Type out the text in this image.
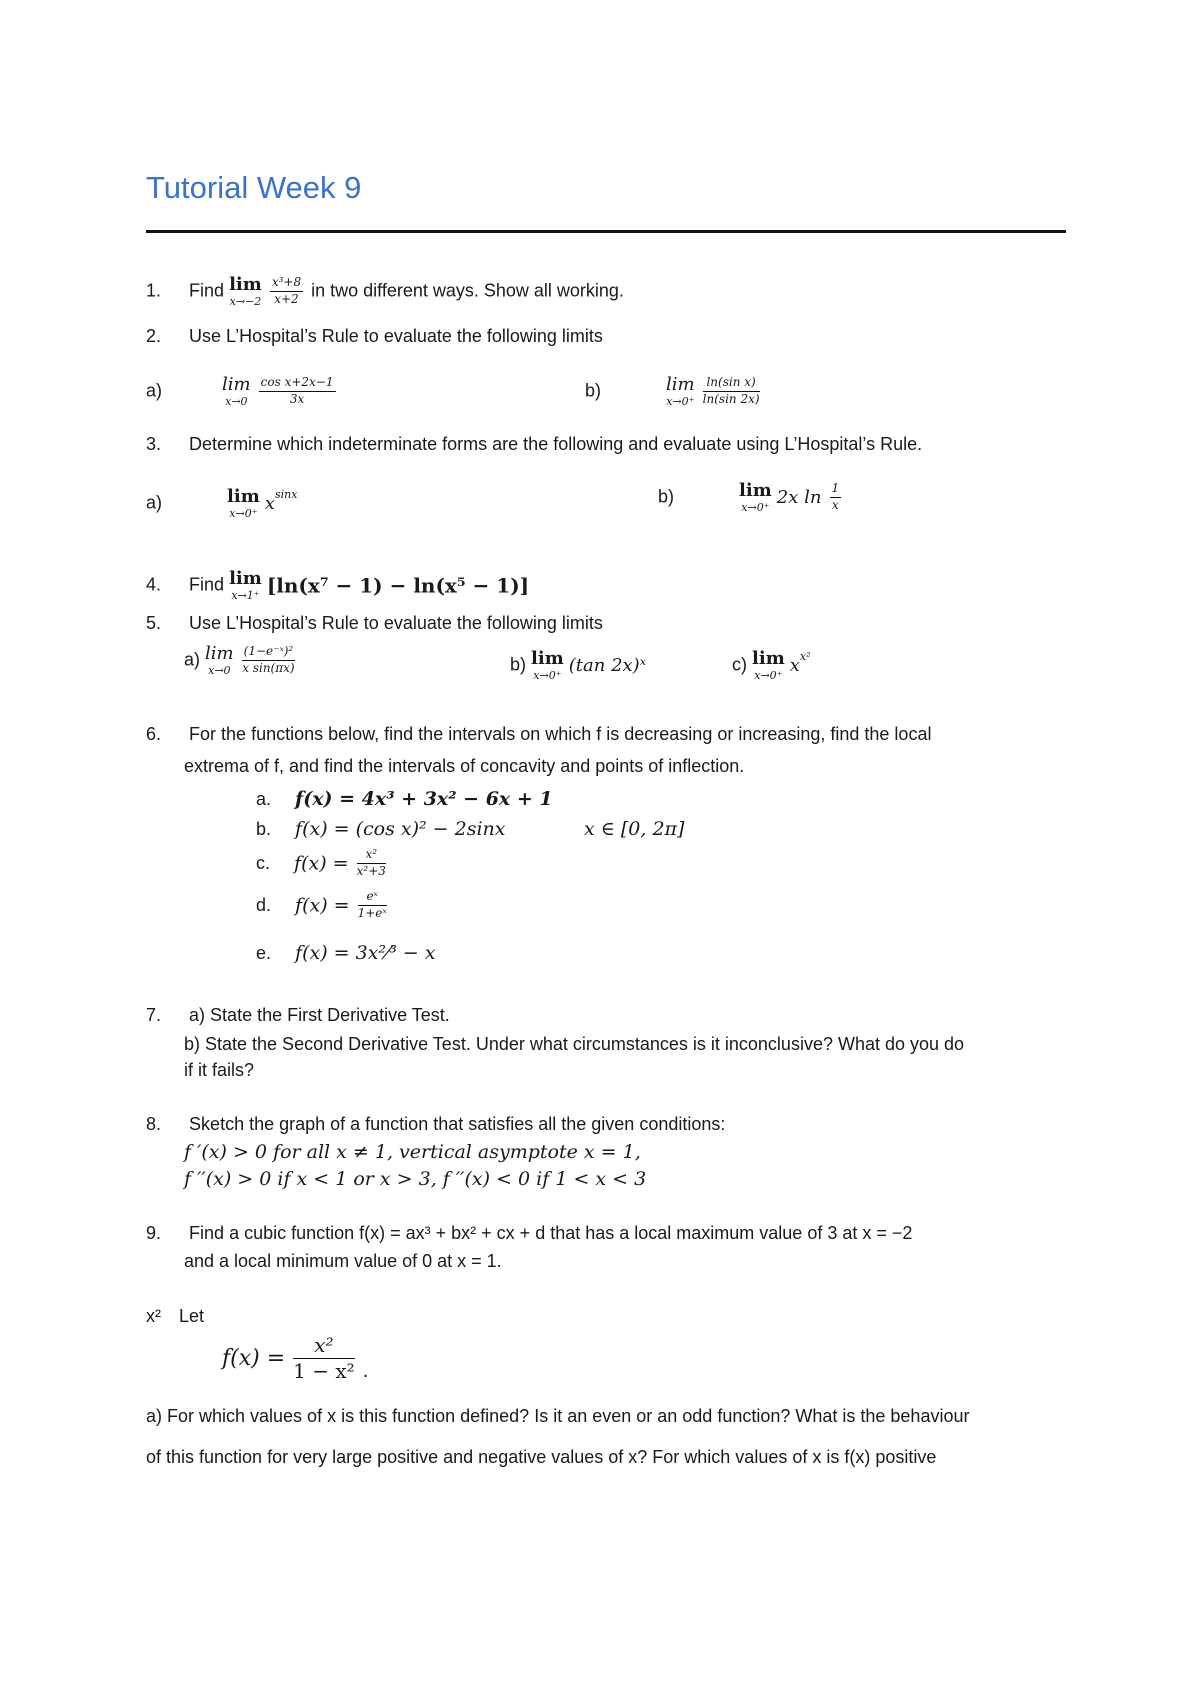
Tutorial Week 9
1. Find lim
x→−2
$\frac{\text{x³+8}}{x+2}$ in two different ways. Show all working.
2. Use L’Hospital’s Rule to evaluate the following limits
a)	lim
x→0
$\frac{\text{cos x+2x−1}}{3x}$	b)	lim
x→0⁺
$\frac{\text{ln(sin x)}}{\ln(\sin 2x)}$
3. Determine which indeterminate forms are the following and evaluate using L’Hospital’s Rule.
a)	lim
x→0⁺ $x^{sinx}$	b)	lim
x→0⁺ 2x $\ln \frac{1}{x}$
4. Find lim
x→1⁺ [ln(x⁷ − 1) − ln(x⁵ − 1)]
5. Use L’Hospital’s Rule to evaluate the following limits
a) lim
x→0
$\frac{\text{(1−e⁻ˣ)²}}{\text{x sin(πx)}}$	b) lim
x→0⁺ (tan 2x)ˣ	c) lim
x→0⁺ $x^{x^2}$
6. For the functions below, find the intervals on which f is decreasing or increasing, find the local
extrema of f, and find the intervals of concavity and points of inflection.
a. f(x) = 4x³ + 3x² − 6x + 1
b. f(x) = (cos x)² − 2sinx	x ∈ [0, 2π]
c. $f(x) = \frac{\text{x²}}{\text{x²+3}}$
d. $f(x) = \frac{\text{eˣ}}{\text{1+eˣ}}$
e. f(x) = 3x²⁄³ − x
7. a) State the First Derivative Test.
b) State the Second Derivative Test. Under what circumstances is it inconclusive? What do you do
if it fails?
8. Sketch the graph of a function that satisfies all the given conditions:
f ′(x) > 0 for all x ≠ 1, vertical asymptote x = 1,
f ′′(x) > 0 if x < 1 or x > 3, f ′′(x) < 0 if 1 < x < 3
9. Find a cubic function f(x) = ax³ + bx² + cx + d that has a local maximum value of 3 at x = −2
and a local minimum value of 0 at x = 1.
x² Let
$f(x) = \frac{\text{x²}}{\text{1 − x²}}$ .
a) For which values of x is this function defined? Is it an even or an odd function? What is the behaviour
of this function for very large positive and negative values of x? For which values of x is f(x) positive
